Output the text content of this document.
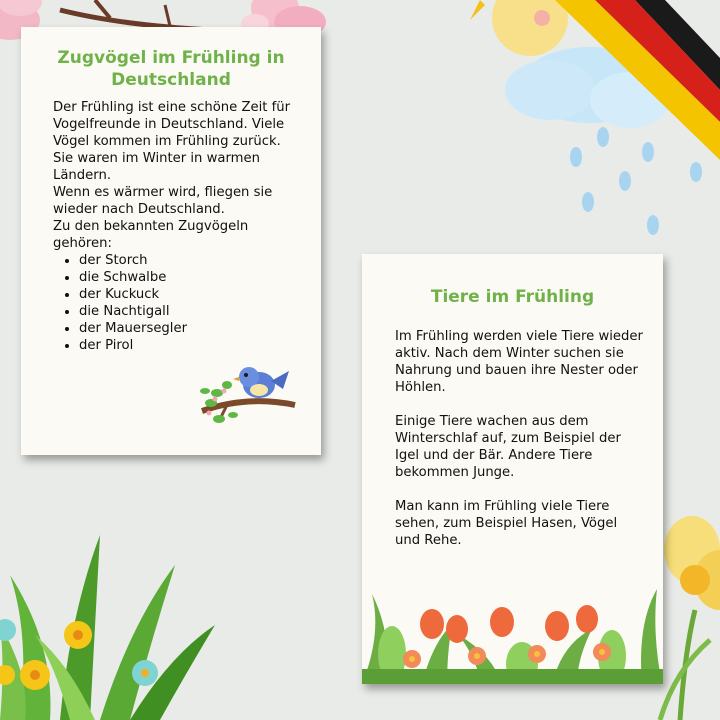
Zugvögel im Frühling in Deutschland
Der Frühling ist eine schöne Zeit für Vogelfreunde in Deutschland. Viele Vögel kommen im Frühling zurück. Sie waren im Winter in warmen Ländern.
Wenn es wärmer wird, fliegen sie wieder nach Deutschland.
Zu den bekannten Zugvögeln gehören:
• der Storch
• die Schwalbe
• der Kuckuck
• die Nachtigall
• der Mauersegler
• der Pirol
Tiere im Frühling

Im Frühling werden viele Tiere wieder aktiv. Nach dem Winter suchen sie Nahrung und bauen ihre Nester oder Höhlen.

Einige Tiere wachen aus dem Winterschlaf auf, zum Beispiel der Igel und der Bär. Andere Tiere bekommen Junge.

Man kann im Frühling viele Tiere sehen, zum Beispiel Hasen, Vögel und Rehe.
